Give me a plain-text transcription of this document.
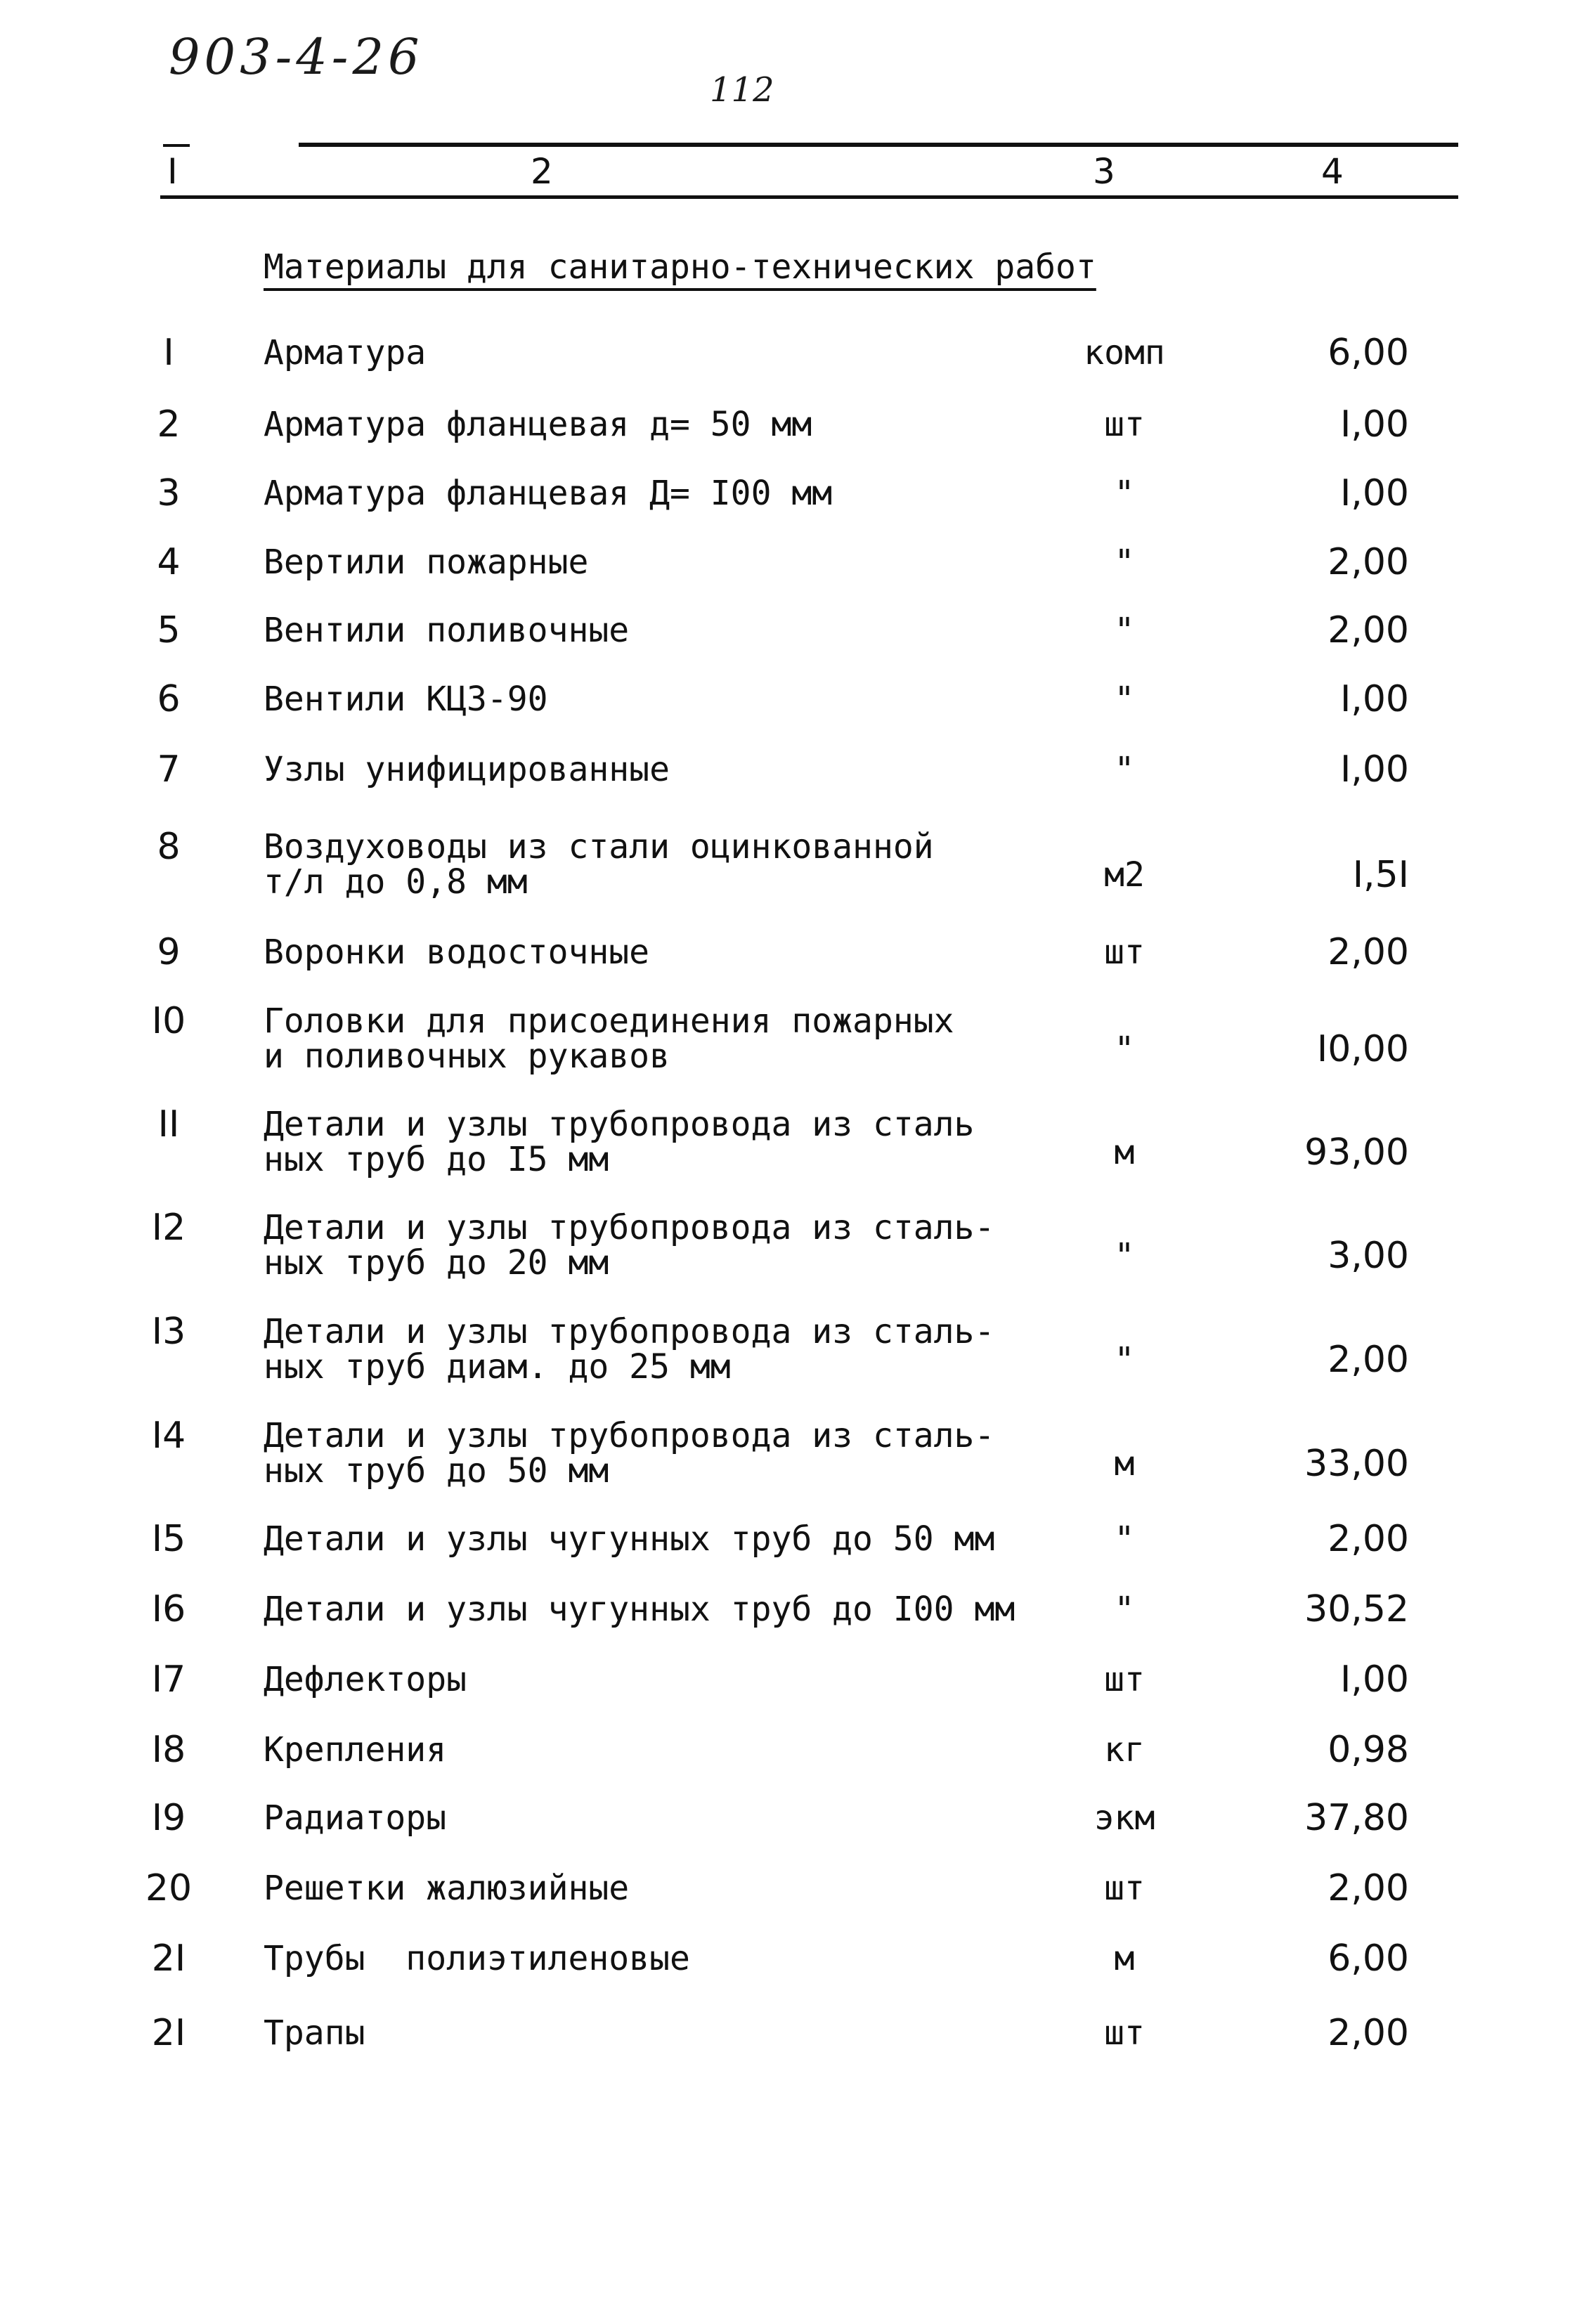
903-4-26
112
I	2	3	4
Материалы для санитарно-технических работ
I	Арматура	комп	6,00
2	Арматура фланцевая д= 50 мм	шт	I,00
3	Арматура фланцевая Д= I00 мм	"	I,00
4	Вертили пожарные	"	2,00
5	Вентили поливочные	"	2,00
6	Вентили КЦЗ-90	"	I,00
7	Узлы унифицированные	"	I,00
8	Воздуховоды из стали оцинкованной
т/л до 0,8 мм	м2	I,5I
9	Воронки водосточные	шт	2,00
I0	Головки для присоединения пожарных
и поливочных рукавов	"	I0,00
II	Детали и узлы трубопровода из сталь
ных труб до I5 мм	м	93,00
I2	Детали и узлы трубопровода из сталь-
ных труб до 20 мм	"	3,00
I3	Детали и узлы трубопровода из сталь-
ных труб диам. до 25 мм	"	2,00
I4	Детали и узлы трубопровода из сталь-
ных труб до 50 мм	м	33,00
I5	Детали и узлы чугунных труб до 50 мм	"	2,00
I6	Детали и узлы чугунных труб до I00 мм	"	30,52
I7	Дефлекторы	шт	I,00
I8	Крепления	кг	0,98
I9	Радиаторы	экм	37,80
20	Решетки жалюзийные	шт	2,00
2I	Трубы  полиэтиленовые	м	6,00
2I	Трапы	шт	2,00
